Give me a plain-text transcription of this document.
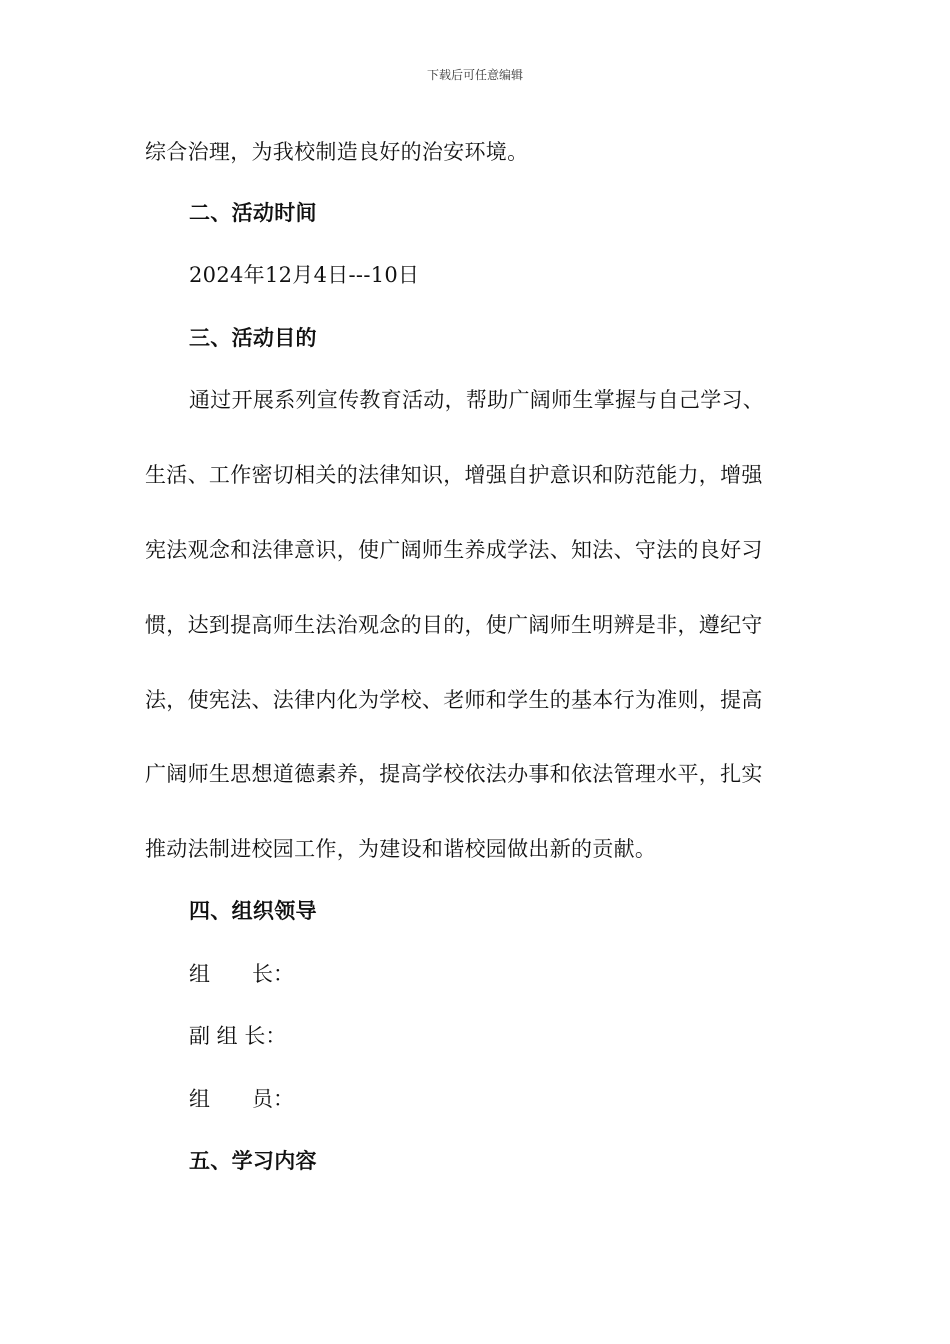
下载后可任意编辑
综合治理，为我校制造良好的治安环境。
二、活动时间
2024年12月4日---10日
三、活动目的
通过开展系列宣传教育活动，帮助广阔师生掌握与自己学习、
生活、工作密切相关的法律知识，增强自护意识和防范能力，增强
宪法观念和法律意识，使广阔师生养成学法、知法、守法的良好习
惯，达到提高师生法治观念的目的，使广阔师生明辨是非，遵纪守
法，使宪法、法律内化为学校、老师和学生的基本行为准则，提高
广阔师生思想道德素养，提高学校依法办事和依法管理水平，扎实
推动法制进校园工作，为建设和谐校园做出新的贡献。
四、组织领导
组　　长：
副 组 长：
组　　员：
五、学习内容
